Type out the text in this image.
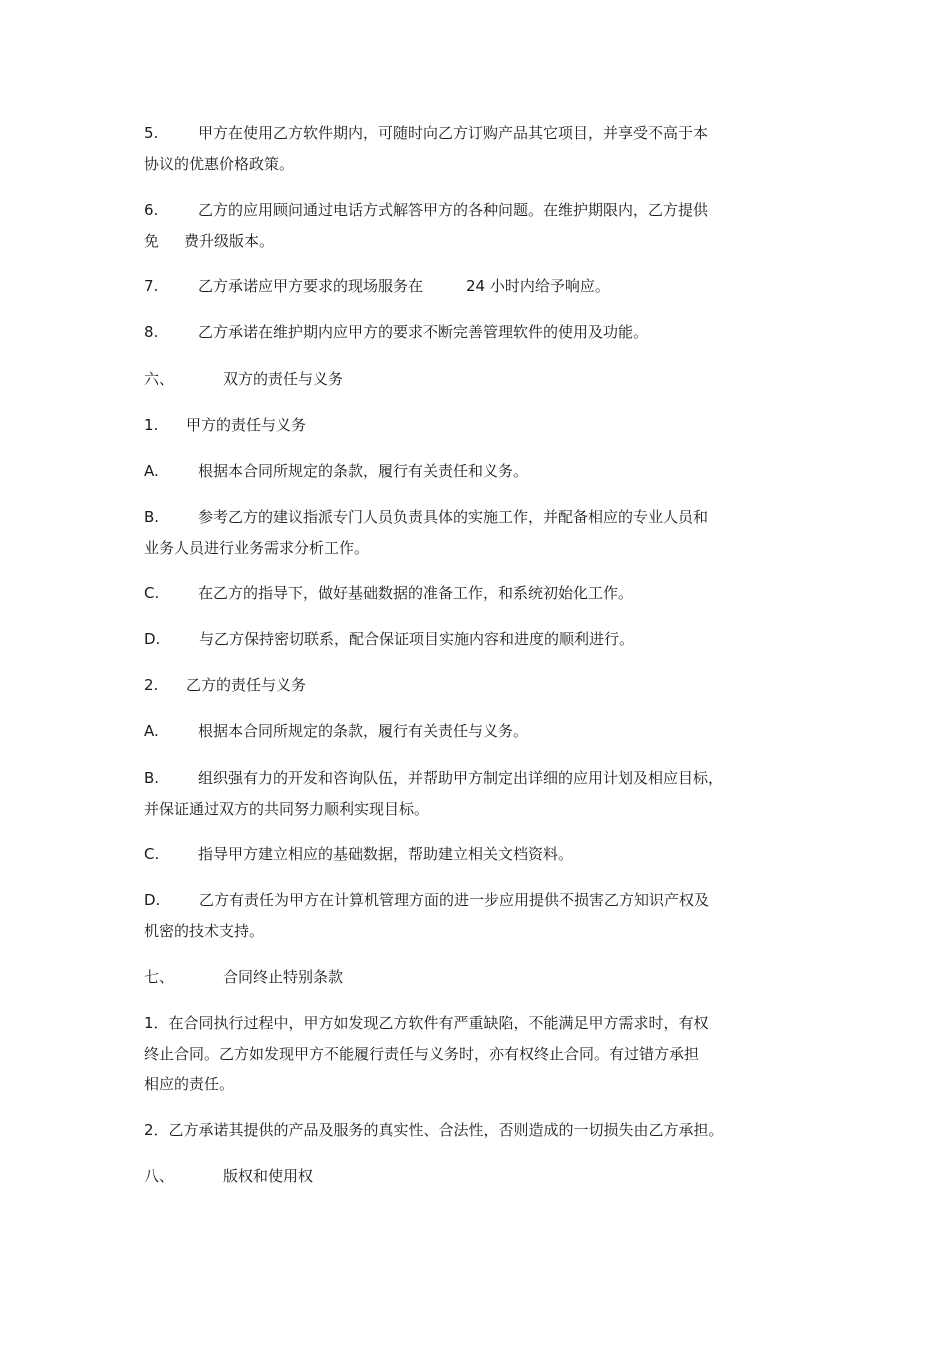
5.	甲方在使用乙方软件期内，可随时向乙方订购产品其它项目，并享受不高于本
协议的优惠价格政策。
6.	乙方的应用顾问通过电话方式解答甲方的各种问题。在维护期限内，乙方提供
免 费升级版本。
7.	乙方承诺应甲方要求的现场服务在	24 小时内给予响应。
8.	乙方承诺在维护期内应甲方的要求不断完善管理软件的使用及功能。
六、	双方的责任与义务
1. 甲方的责任与义务
A.	根据本合同所规定的条款，履行有关责任和义务。
B.	参考乙方的建议指派专门人员负责具体的实施工作，并配备相应的专业人员和
业务人员进行业务需求分析工作。
C.	在乙方的指导下，做好基础数据的准备工作，和系统初始化工作。
D.	与乙方保持密切联系，配合保证项目实施内容和进度的顺利进行。
2. 乙方的责任与义务
A.	根据本合同所规定的条款，履行有关责任与义务。
B.	组织强有力的开发和咨询队伍，并帮助甲方制定出详细的应用计划及相应目标，
并保证通过双方的共同努力顺利实现目标。
C.	指导甲方建立相应的基础数据，帮助建立相关文档资料。
D.	乙方有责任为甲方在计算机管理方面的进一步应用提供不损害乙方知识产权及
机密的技术支持。
七、	合同终止特别条款
1．在合同执行过程中，甲方如发现乙方软件有严重缺陷，不能满足甲方需求时，有权
终止合同。乙方如发现甲方不能履行责任与义务时，亦有权终止合同。有过错方承担
相应的责任。
2．乙方承诺其提供的产品及服务的真实性、合法性，否则造成的一切损失由乙方承担。
八、	版权和使用权
